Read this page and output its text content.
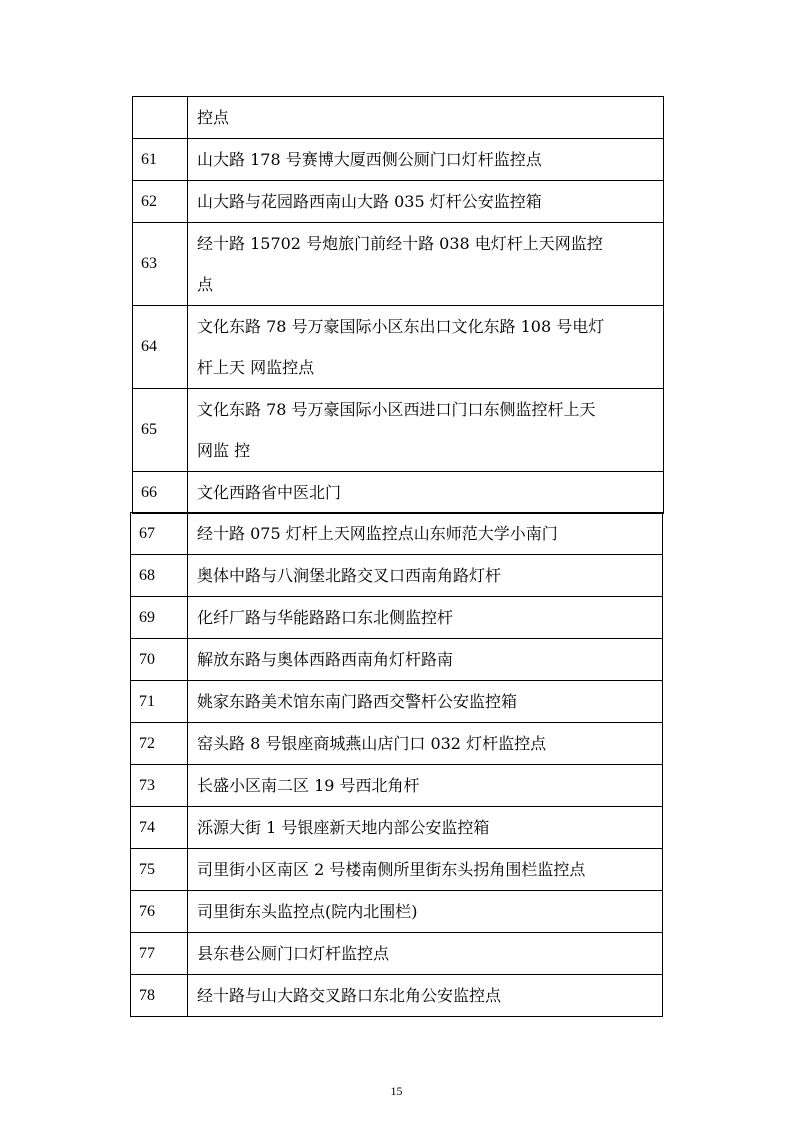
	控点

61	山大路 178 号赛博大厦西侧公厕门口灯杆监控点

62	山大路与花园路西南山大路 035 灯杆公安监控箱

63	经十路 15702 号炮旅门前经十路 038 电灯杆上天网监控
点

64	文化东路 78 号万豪国际小区东出口文化东路 108 号电灯
杆上天 网监控点

65	文化东路 78 号万豪国际小区西进口门口东侧监控杆上天
网监 控

66	文化西路省中医北门
67	经十路 075 灯杆上天网监控点山东师范大学小南门

68	奥体中路与八涧堡北路交叉口西南角路灯杆

69	化纤厂路与华能路路口东北侧监控杆

70	解放东路与奥体西路西南角灯杆路南

71	姚家东路美术馆东南门路西交警杆公安监控箱

72	窑头路 8 号银座商城燕山店门口 032 灯杆监控点

73	长盛小区南二区 19 号西北角杆

74	泺源大街 1 号银座新天地内部公安监控箱

75	司里街小区南区 2 号楼南侧所里街东头拐角围栏监控点

76	司里街东头监控点(院内北围栏)

77	县东巷公厕门口灯杆监控点

78	经十路与山大路交叉路口东北角公安监控点
15
